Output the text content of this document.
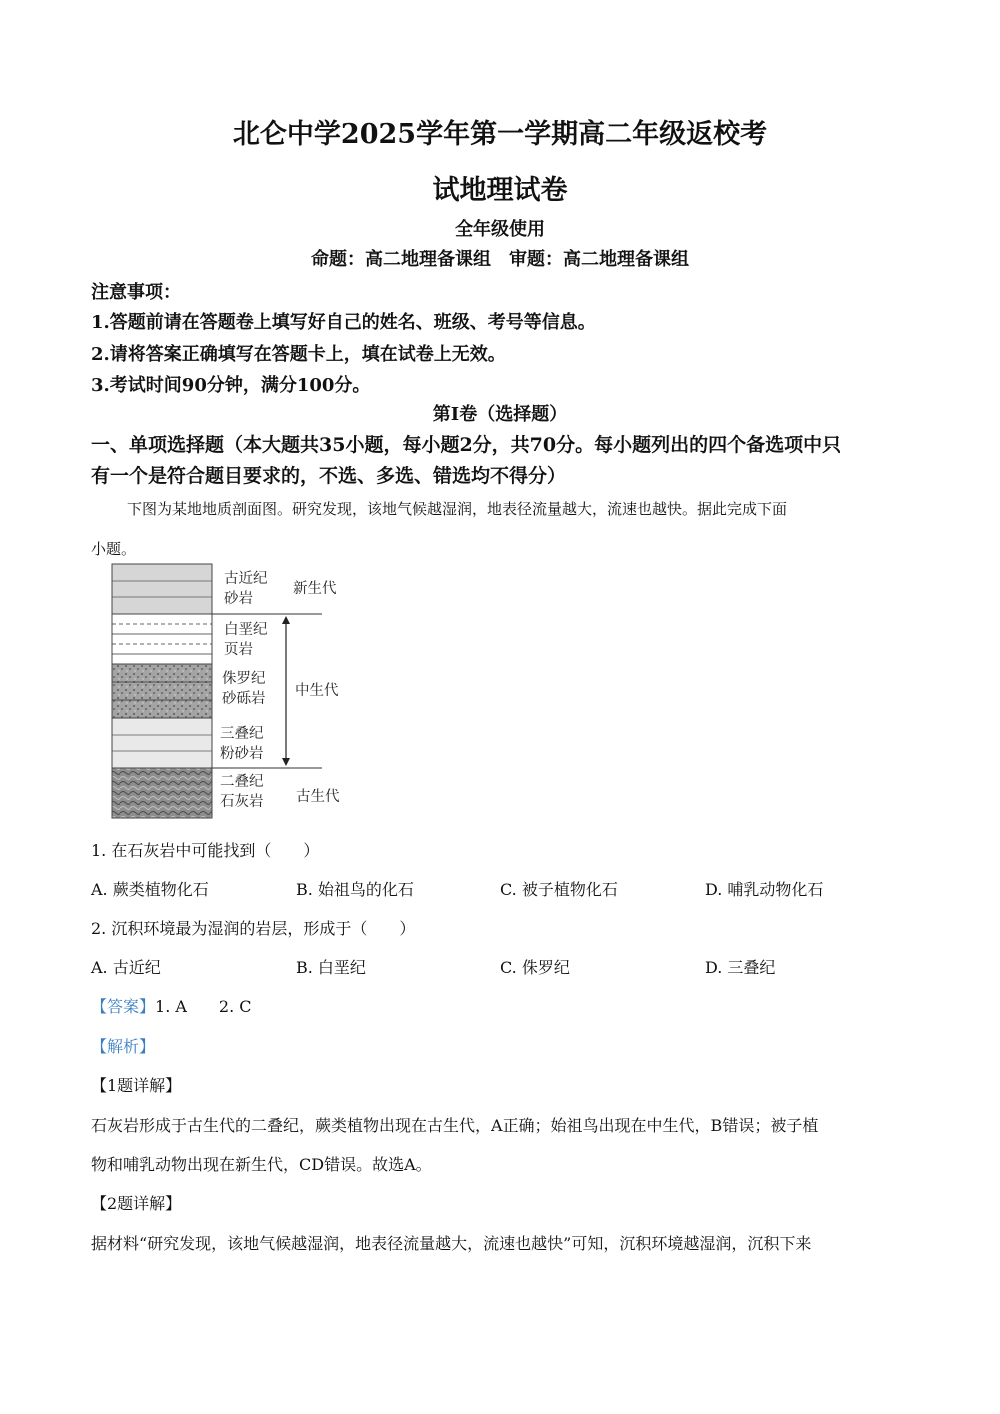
北仑中学2025学年第一学期高二年级返校考
试地理试卷
全年级使用
命题：高二地理备课组　审题：高二地理备课组
注意事项：
1.答题前请在答题卷上填写好自己的姓名、班级、考号等信息。
2.请将答案正确填写在答题卡上，填在试卷上无效。
3.考试时间90分钟，满分100分。
第I卷（选择题）
一、单项选择题（本大题共35小题，每小题2分，共70分。每小题列出的四个备选项中只
有一个是符合题目要求的，不选、多选、错选均不得分）
下图为某地地质剖面图。研究发现，该地气候越湿润，地表径流量越大，流速也越快。据此完成下面
小题。
古近纪
砂岩
白垩纪
页岩
侏罗纪
砂砾岩
三叠纪
粉砂岩
二叠纪
石灰岩
新生代
中生代
古生代
1. 在石灰岩中可能找到（　　）
A. 蕨类植物化石	B. 始祖鸟的化石	C. 被子植物化石	D. 哺乳动物化石
2. 沉积环境最为湿润的岩层，形成于（　　）
A. 古近纪	B. 白垩纪	C. 侏罗纪	D. 三叠纪
【答案】1. A　　2. C
【解析】
【1题详解】
石灰岩形成于古生代的二叠纪，蕨类植物出现在古生代，A正确；始祖鸟出现在中生代，B错误；被子植
物和哺乳动物出现在新生代，CD错误。故选A。
【2题详解】
据材料“研究发现，该地气候越湿润，地表径流量越大，流速也越快”可知，沉积环境越湿润，沉积下来
